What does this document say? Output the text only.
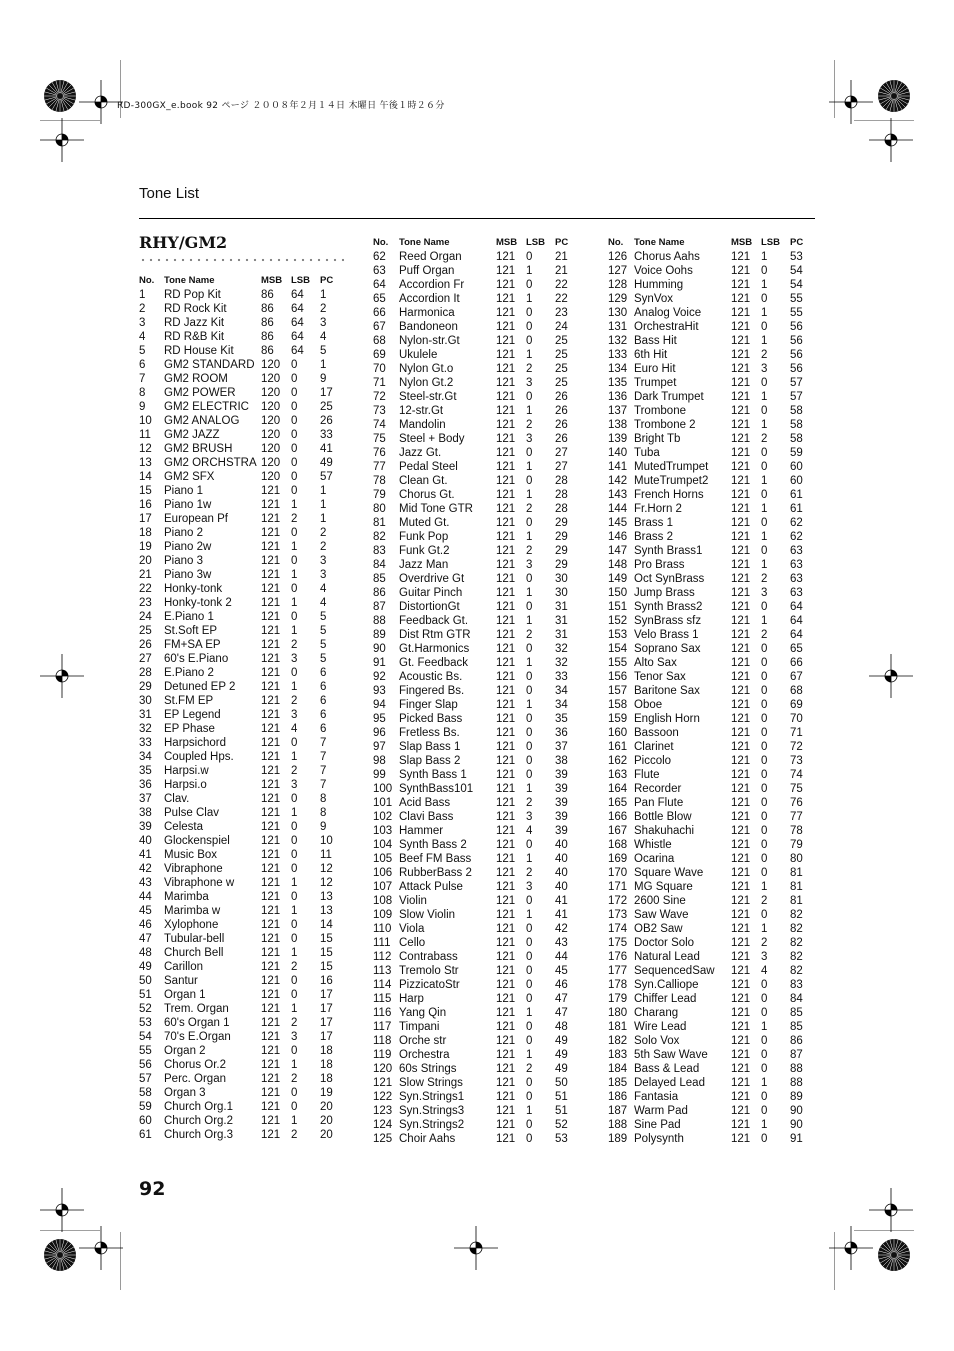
RD-300GX_e.book 92 ページ ２００８年２月１４日 木曜日 午後１時２６分
Tone List
RHY/GM2
No. Tone Name	MSB LSB PC
1 RD Pop Kit	86 64 1
2 RD Rock Kit	86 64 2
3 RD Jazz Kit	86 64 3
4 RD R&B Kit	86 64 4
5 RD House Kit 86 64 5
6 GM2 STANDARD 120 0 1
7 GM2 ROOM	120 0 9
8 GM2 POWER 120 0 17
9 GM2 ELECTRIC 120 0 25
10 GM2 ANALOG 120 0 26
11 GM2 JAZZ	120 0 33
12 GM2 BRUSH 120 0 41
13 GM2 ORCHSTRA 120 0 49
14 GM2 SFX	120 0 57
15 Piano 1	121 0 1
16 Piano 1w	121 1 1
17 European Pf	121 2 1
18 Piano 2	121 0 2
19 Piano 2w	121 1 2
20 Piano 3	121 0 3
21 Piano 3w	121 1 3
22 Honky-tonk	121 0 4
23 Honky-tonk 2	121 1 4
24 E.Piano 1	121 0 5
25 St.Soft EP	121 1 5
26 FM+SA EP	121 2 5
27 60's E.Piano	121 3 5
28 E.Piano 2	121 0 6
29 Detuned EP 2 121 1 6
30 St.FM EP	121 2 6
31 EP Legend	121 3 6
32 EP Phase	121 4 6
33 Harpsichord	121 0 7
34 Coupled Hps. 121 1 7
35 Harpsi.w	121 2 7
36 Harpsi.o	121 3 7
37 Clav.	121 0 8
38 Pulse Clav	121 1 8
39 Celesta	121 0 9
40 Glockenspiel	121 0 10
41 Music Box	121 0 11
42 Vibraphone	121 0 12
43 Vibraphone w 121 1 12
44 Marimba	121 0 13
45 Marimba w	121 1 13
46 Xylophone	121 0 14
47 Tubular-bell	121 0 15
48 Church Bell	121 1 15
49 Carillon	121 2 15
50 Santur	121 0 16
51 Organ 1	121 0 17
52 Trem. Organ	121 1 17
53 60's Organ 1	121 2 17
54 70's E.Organ	121 3 17
55 Organ 2	121 0 18
56 Chorus Or.2	121 1 18
57 Perc. Organ	121 2 18
58 Organ 3	121 0 19
59 Church Org.1 121 0 20
60 Church Org.2 121 1 20
61 Church Org.3 121 2 20
No. Tone Name	MSB LSB PC
62 Reed Organ	121 0 21
63 Puff Organ	121 1 21
64 Accordion Fr	121 0 22
65 Accordion It	121 1 22
66 Harmonica	121 0 23
67 Bandoneon	121 0 24
68 Nylon-str.Gt	121 0 25
69 Ukulele	121 1 25
70 Nylon Gt.o	121 2 25
71 Nylon Gt.2	121 3 25
72 Steel-str.Gt	121 0 26
73 12-str.Gt	121 1 26
74 Mandolin	121 2 26
75 Steel + Body	121 3 26
76 Jazz Gt.	121 0 27
77 Pedal Steel	121 1 27
78 Clean Gt.	121 0 28
79 Chorus Gt.	121 1 28
80 Mid Tone GTR 121 2 28
81 Muted Gt.	121 0 29
82 Funk Pop	121 1 29
83 Funk Gt.2	121 2 29
84 Jazz Man	121 3 29
85 Overdrive Gt	121 0 30
86 Guitar Pinch	121 1 30
87 DistortionGt	121 0 31
88 Feedback Gt. 121 1 31
89 Dist Rtm GTR 121 2 31
90 Gt.Harmonics 121 0 32
91 Gt. Feedback 121 1 32
92 Acoustic Bs.	121 0 33
93 Fingered Bs.	121 0 34
94 Finger Slap	121 1 34
95 Picked Bass	121 0 35
96 Fretless Bs.	121 0 36
97 Slap Bass 1	121 0 37
98 Slap Bass 2	121 0 38
99 Synth Bass 1	121 0 39
100 SynthBass101 121 1 39
101 Acid Bass	121 2 39
102 Clavi Bass	121 3 39
103 Hammer	121 4 39
104 Synth Bass 2	121 0 40
105 Beef FM Bass 121 1 40
106 RubberBass 2 121 2 40
107 Attack Pulse	121 3 40
108 Violin	121 0 41
109 Slow Violin	121 1 41
110 Viola	121 0 42
111 Cello	121 0 43
112 Contrabass	121 0 44
113 Tremolo Str	121 0 45
114 PizzicatoStr	121 0 46
115 Harp	121 0 47
116 Yang Qin	121 1 47
117 Timpani	121 0 48
118 Orche str	121 0 49
119 Orchestra	121 1 49
120 60s Strings	121 2 49
121 Slow Strings	121 0 50
122 Syn.Strings1	121 0 51
123 Syn.Strings3	121 1 51
124 Syn.Strings2	121 0 52
125 Choir Aahs	121 0 53
No. Tone Name	MSB LSB PC
126 Chorus Aahs	121 1 53
127 Voice Oohs	121 0 54
128 Humming	121 1 54
129 SynVox	121 0 55
130 Analog Voice	121 1 55
131 OrchestraHit	121 0 56
132 Bass Hit	121 1 56
133 6th Hit	121 2 56
134 Euro Hit	121 3 56
135 Trumpet	121 0 57
136 Dark Trumpet 121 1 57
137 Trombone	121 0 58
138 Trombone 2	121 1 58
139 Bright Tb	121 2 58
140 Tuba	121 0 59
141 MutedTrumpet 121 0 60
142 MuteTrumpet2 121 1 60
143 French Horns 121 0 61
144 Fr.Horn 2	121 1 61
145 Brass 1	121 0 62
146 Brass 2	121 1 62
147 Synth Brass1 121 0 63
148 Pro Brass	121 1 63
149 Oct SynBrass 121 2 63
150 Jump Brass	121 3 63
151 Synth Brass2 121 0 64
152 SynBrass sfz	121 1 64
153 Velo Brass 1	121 2 64
154 Soprano Sax	121 0 65
155 Alto Sax	121 0 66
156 Tenor Sax	121 0 67
157 Baritone Sax	121 0 68
158 Oboe	121 0 69
159 English Horn	121 0 70
160 Bassoon	121 0 71
161 Clarinet	121 0 72
162 Piccolo	121 0 73
163 Flute	121 0 74
164 Recorder	121 0 75
165 Pan Flute	121 0 76
166 Bottle Blow	121 0 77
167 Shakuhachi	121 0 78
168 Whistle	121 0 79
169 Ocarina	121 0 80
170 Square Wave 121 0 81
171 MG Square	121 1 81
172 2600 Sine	121 2 81
173 Saw Wave	121 0 82
174 OB2 Saw	121 1 82
175 Doctor Solo	121 2 82
176 Natural Lead	121 3 82
177 SequencedSaw 121 4 82
178 Syn.Calliope	121 0 83
179 Chiffer Lead	121 0 84
180 Charang	121 0 85
181 Wire Lead	121 1 85
182 Solo Vox	121 0 86
183 5th Saw Wave 121 0 87
184 Bass & Lead	121 0 88
185 Delayed Lead 121 1 88
186 Fantasia	121 0 89
187 Warm Pad	121 0 90
188 Sine Pad	121 1 90
189 Polysynth	121 0 91
92
